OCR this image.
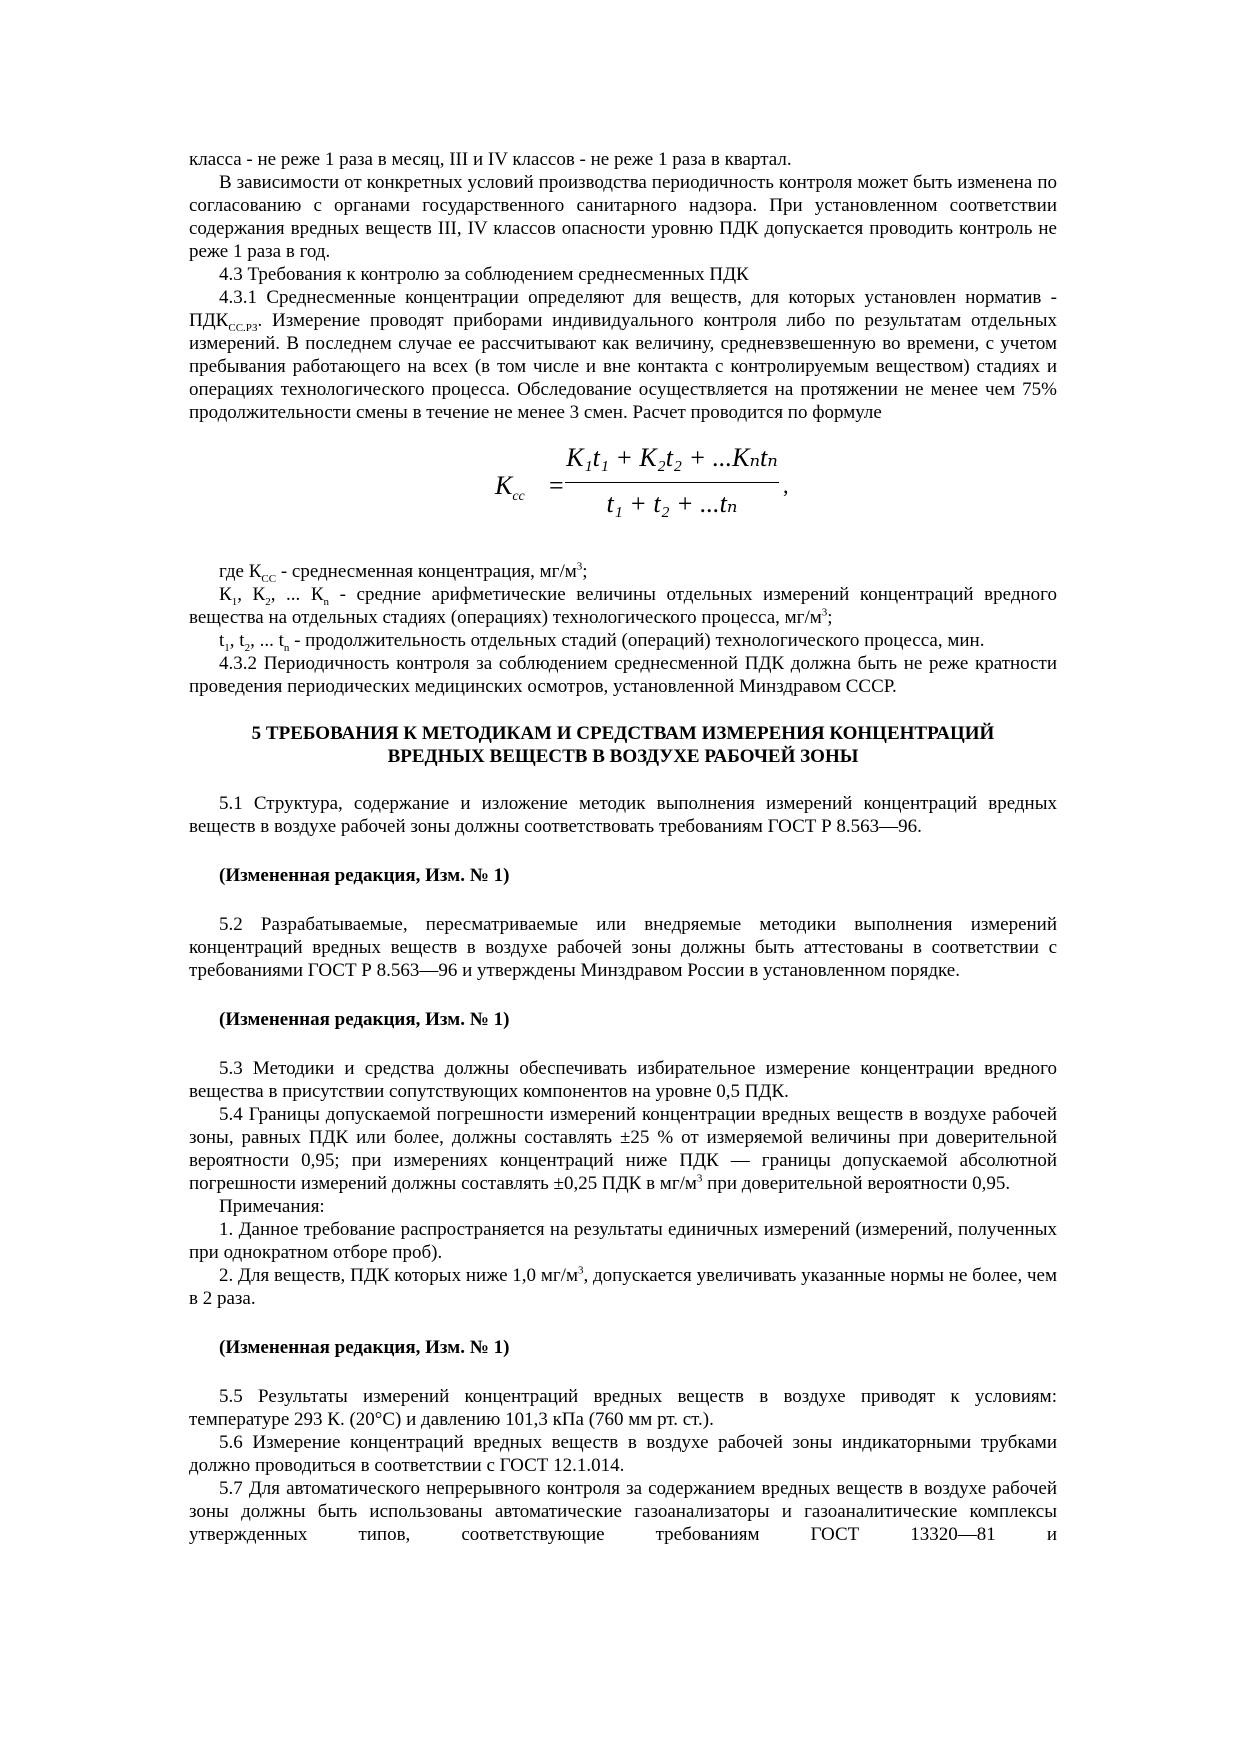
класса - не реже 1 раза в месяц, III и IV классов - не реже 1 раза в квартал.

В зависимости от конкретных условий производства периодичность контроля может быть изменена по согласованию с органами государственного санитарного надзора. При установленном соответствии содержания вредных веществ III, IV классов опасности уровню ПДК допускается проводить контроль не реже 1 раза в год.

4.3 Требования к контролю за соблюдением среднесменных ПДК

4.3.1 Среднесменные концентрации определяют для веществ, для которых установлен норматив - $ПДК_{СС.РЗ}$. Измерение проводят приборами индивидуального контроля либо по результатам отдельных измерений. В последнем случае ее рассчитывают как величину, средневзвешенную во времени, с учетом пребывания работающего на всех (в том числе и вне контакта с контролируемым веществом) стадиях и операциях технологического процесса. Обследование осуществляется на протяжении не менее чем 75% продолжительности смены в течение не менее 3 смен. Расчет проводится по формуле

$K_{cc}$ =
K₁t₁ + K₂t₂ + ...Kₙtₙ
t₁ + t₂ + ...tₙ
,

где $К_{СС}$ - среднесменная концентрация, $мг/м^3$;

$К_1$, $К_2$, ... $К_n$ - средние арифметические величины отдельных измерений концентраций вредного вещества на отдельных стадиях (операциях) технологического процесса, $мг/м^3$;

$t_1$, $t_2$, ... $t_n$ - продолжительность отдельных стадий (операций) технологического процесса, мин.

4.3.2 Периодичность контроля за соблюдением среднесменной ПДК должна быть не реже кратности проведения периодических медицинских осмотров, установленной Минздравом СССР.

5 ТРЕБОВАНИЯ К МЕТОДИКАМ И СРЕДСТВАМ ИЗМЕРЕНИЯ КОНЦЕНТРАЦИЙ
ВРЕДНЫХ ВЕЩЕСТВ В ВОЗДУХЕ РАБОЧЕЙ ЗОНЫ

5.1 Структура, содержание и изложение методик выполнения измерений концентраций вредных веществ в воздухе рабочей зоны должны соответствовать требованиям ГОСТ Р 8.563—96.

(Измененная редакция, Изм. № 1)

5.2 Разрабатываемые, пересматриваемые или внедряемые методики выполнения измерений концентраций вредных веществ в воздухе рабочей зоны должны быть аттестованы в соответствии с требованиями ГОСТ Р 8.563—96 и утверждены Минздравом России в установленном порядке.

(Измененная редакция, Изм. № 1)

5.3 Методики и средства должны обеспечивать избирательное измерение концентрации вредного вещества в присутствии сопутствующих компонентов на уровне 0,5 ПДК.

5.4 Границы допускаемой погрешности измерений концентрации вредных веществ в воздухе рабочей зоны, равных ПДК или более, должны составлять ±25 % от измеряемой величины при доверительной вероятности 0,95; при измерениях концентраций ниже ПДК — границы допускаемой абсолютной погрешности измерений должны составлять ±0,25 ПДК в $мг/м^3$ при доверительной вероятности 0,95.

Примечания:

1. Данное требование распространяется на результаты единичных измерений (измерений, полученных при однократном отборе проб).

2. Для веществ, ПДК которых ниже 1,0 $мг/м^3$, допускается увеличивать указанные нормы не более, чем в 2 раза.

(Измененная редакция, Изм. № 1)

5.5 Результаты измерений концентраций вредных веществ в воздухе приводят к условиям: температуре 293 К. (20°С) и давлению 101,3 кПа (760 мм рт. ст.).

5.6 Измерение концентраций вредных веществ в воздухе рабочей зоны индикаторными трубками должно проводиться в соответствии с ГОСТ 12.1.014.

5.7 Для автоматического непрерывного контроля за содержанием вредных веществ в воздухе рабочей зоны должны быть использованы автоматические газоанализаторы и газоаналитические комплексы утвержденных типов, соответствующие требованиям ГОСТ 13320—81 и
